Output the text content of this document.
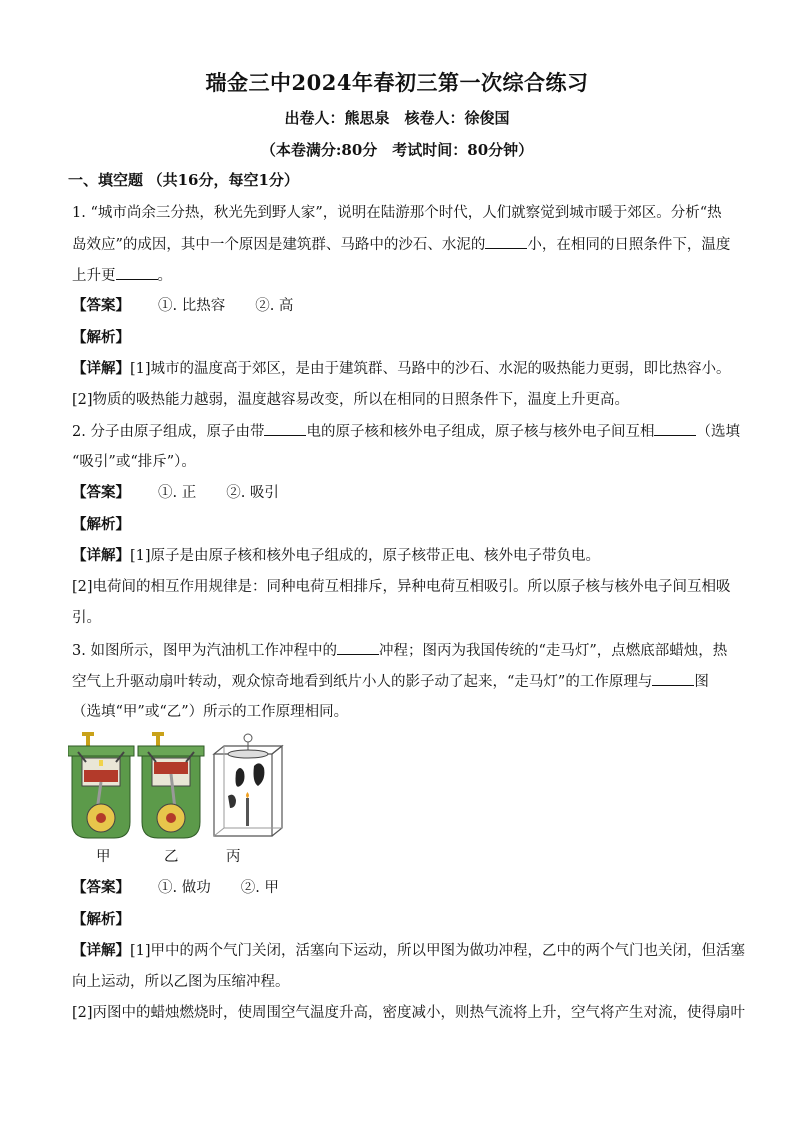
瑞金三中2024年春初三第一次综合练习
出卷人：熊思泉　核卷人：徐俊国
（本卷满分:80分　考试时间：80分钟）
一、填空题 （共16分，每空1分）
1. “城市尚余三分热，秋光先到野人家”，说明在陆游那个时代，人们就察觉到城市暖于郊区。分析“热
岛效应”的成因，其中一个原因是建筑群、马路中的沙石、水泥的	小，在相同的日照条件下，温度
上升更	。
【答案】 ①. 比热容 ②. 高
【解析】
【详解】[1]城市的温度高于郊区，是由于建筑群、马路中的沙石、水泥的吸热能力更弱，即比热容小。
[2]物质的吸热能力越弱，温度越容易改变，所以在相同的日照条件下，温度上升更高。
2. 分子由原子组成，原子由带	电的原子核和核外电子组成，原子核与核外电子间互相	（选填
“吸引”或“排斥”）。
【答案】 ①. 正 ②. 吸引
【解析】
【详解】[1]原子是由原子核和核外电子组成的，原子核带正电、核外电子带负电。
[2]电荷间的相互作用规律是：同种电荷互相排斥，异种电荷互相吸引。所以原子核与核外电子间互相吸
引。
3. 如图所示，图甲为汽油机工作冲程中的	冲程；图丙为我国传统的“走马灯”，点燃底部蜡烛，热
空气上升驱动扇叶转动，观众惊奇地看到纸片小人的影子动了起来，“走马灯”的工作原理与	图
（选填“甲”或“乙”）所示的工作原理相同。
甲	乙	丙
【答案】 ①. 做功 ②. 甲
【解析】
【详解】[1]甲中的两个气门关闭，活塞向下运动，所以甲图为做功冲程，乙中的两个气门也关闭，但活塞
向上运动，所以乙图为压缩冲程。
[2]丙图中的蜡烛燃烧时，使周围空气温度升高，密度减小，则热气流将上升，空气将产生对流，使得扇叶
